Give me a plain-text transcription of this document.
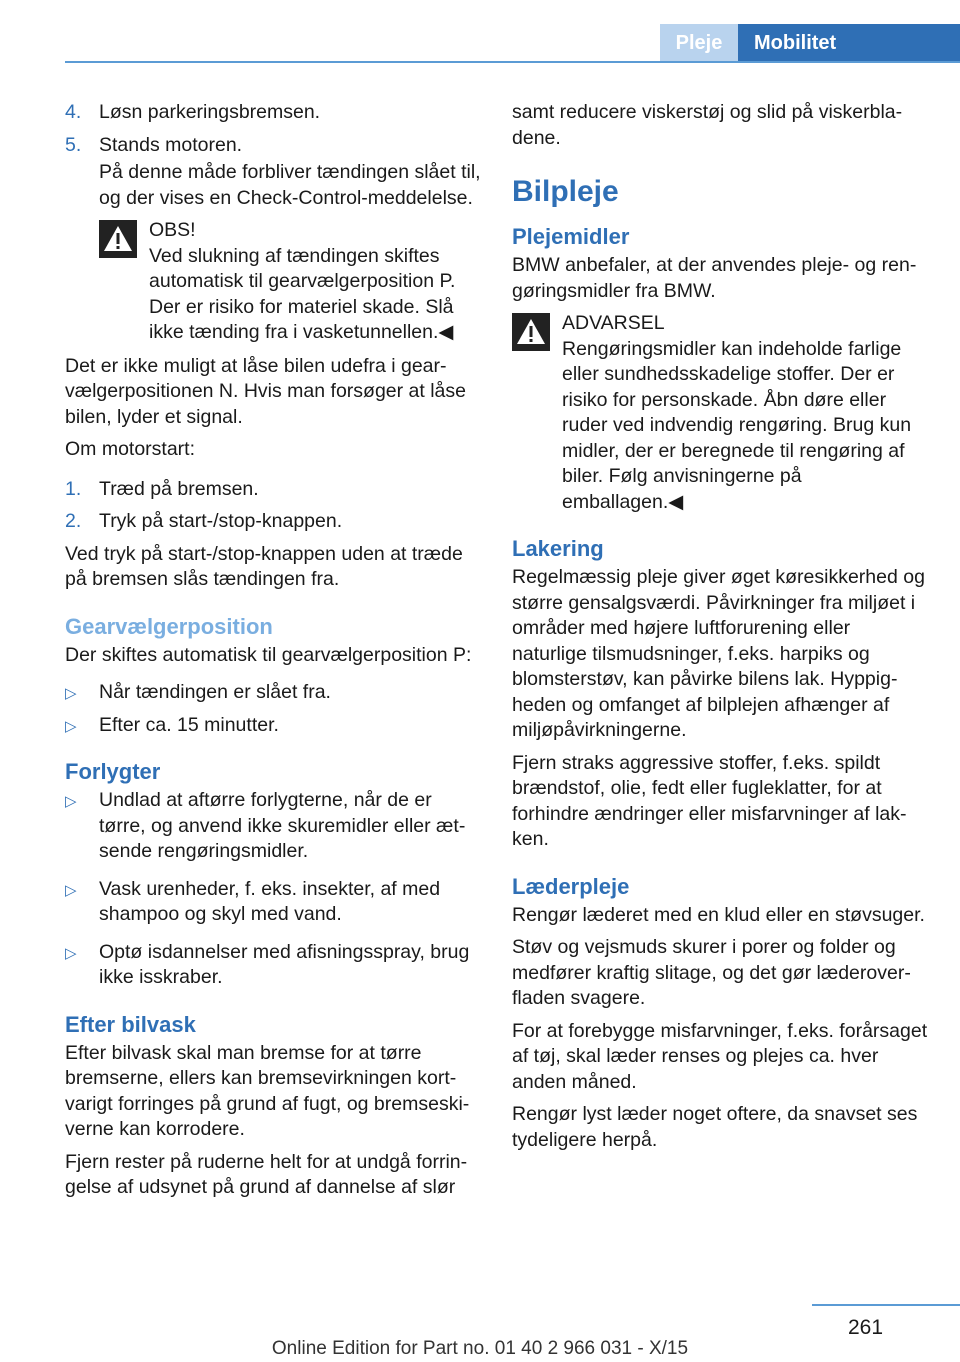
Pleje	Mobilitet
4. Løsn parkeringsbremsen.
5. Stands motoren.

På denne måde forbliver tændingen slået til, og der vises en Check-Control-meddelelse.

OBS!
Ved slukning af tændingen skiftes automatisk til gearvælgerposition P. Der er risiko for materiel skade. Slå ikke tænding fra i vasketunnellen.◀

Det er ikke muligt at låse bilen udefra i gearvælgerpositionen N. Hvis man forsøger at låse bilen, lyder et signal.

Om motorstart:

1. Træd på bremsen.
2. Tryk på start-/stop-knappen.

Ved tryk på start-/stop-knappen uden at træde på bremsen slås tændingen fra.

Gearvælgerposition

Der skiftes automatisk til gearvælgerposition P:

▷ Når tændingen er slået fra.
▷ Efter ca. 15 minutter.
Forlygter
▷ Undlad at aftørre forlygterne, når de er tørre, og anvend ikke skuremidler eller ætsende rengøringsmidler.
▷ Vask urenheder, f. eks. insekter, af med shampoo og skyl med vand.
▷ Optø isdannelser med afisningsspray, brug ikke isskraber.
Efter bilvask

Efter bilvask skal man bremse for at tørre bremserne, ellers kan bremsevirkningen kortvarigt forringes på grund af fugt, og bremseskiverne kan korrodere.

Fjern rester på ruderne helt for at undgå forringelse af udsynet på grund af dannelse af slør

samt reducere viskerstøj og slid på viskerbladene.

Bilpleje
Plejemidler

BMW anbefaler, at der anvendes pleje- og rengøringsmidler fra BMW.

ADVARSEL
Rengøringsmidler kan indeholde farlige eller sundhedsskadelige stoffer. Der er risiko for personskade. Åbn døre eller ruder ved indvendig rengøring. Brug kun midler, der er beregnede til rengøring af biler. Følg anvisningerne på emballagen.◀
Lakering

Regelmæssig pleje giver øget køresikkerhed og større gensalgsværdi. Påvirkninger fra miljøet i områder med højere luftforurening eller naturlige tilsmudsninger, f.eks. harpiks og blomsterstøv, kan påvirke bilens lak. Hyppigheden og omfanget af bilplejen afhænger af miljøpåvirkningerne.

Fjern straks aggressive stoffer, f.eks. spildt brændstof, olie, fedt eller fugleklatter, for at forhindre ændringer eller misfarvninger af lakken.

Læderpleje

Rengør læderet med en klud eller en støvsuger.

Støv og vejsmuds skurer i porer og folder og medfører kraftig slitage, og det gør læderoverfladen svagere.

For at forebygge misfarvninger, f.eks. forårsaget af tøj, skal læder renses og plejes ca. hver anden måned.

Rengør lyst læder noget oftere, da snavset ses tydeligere herpå.

261
Online Edition for Part no. 01 40 2 966 031 - X/15
